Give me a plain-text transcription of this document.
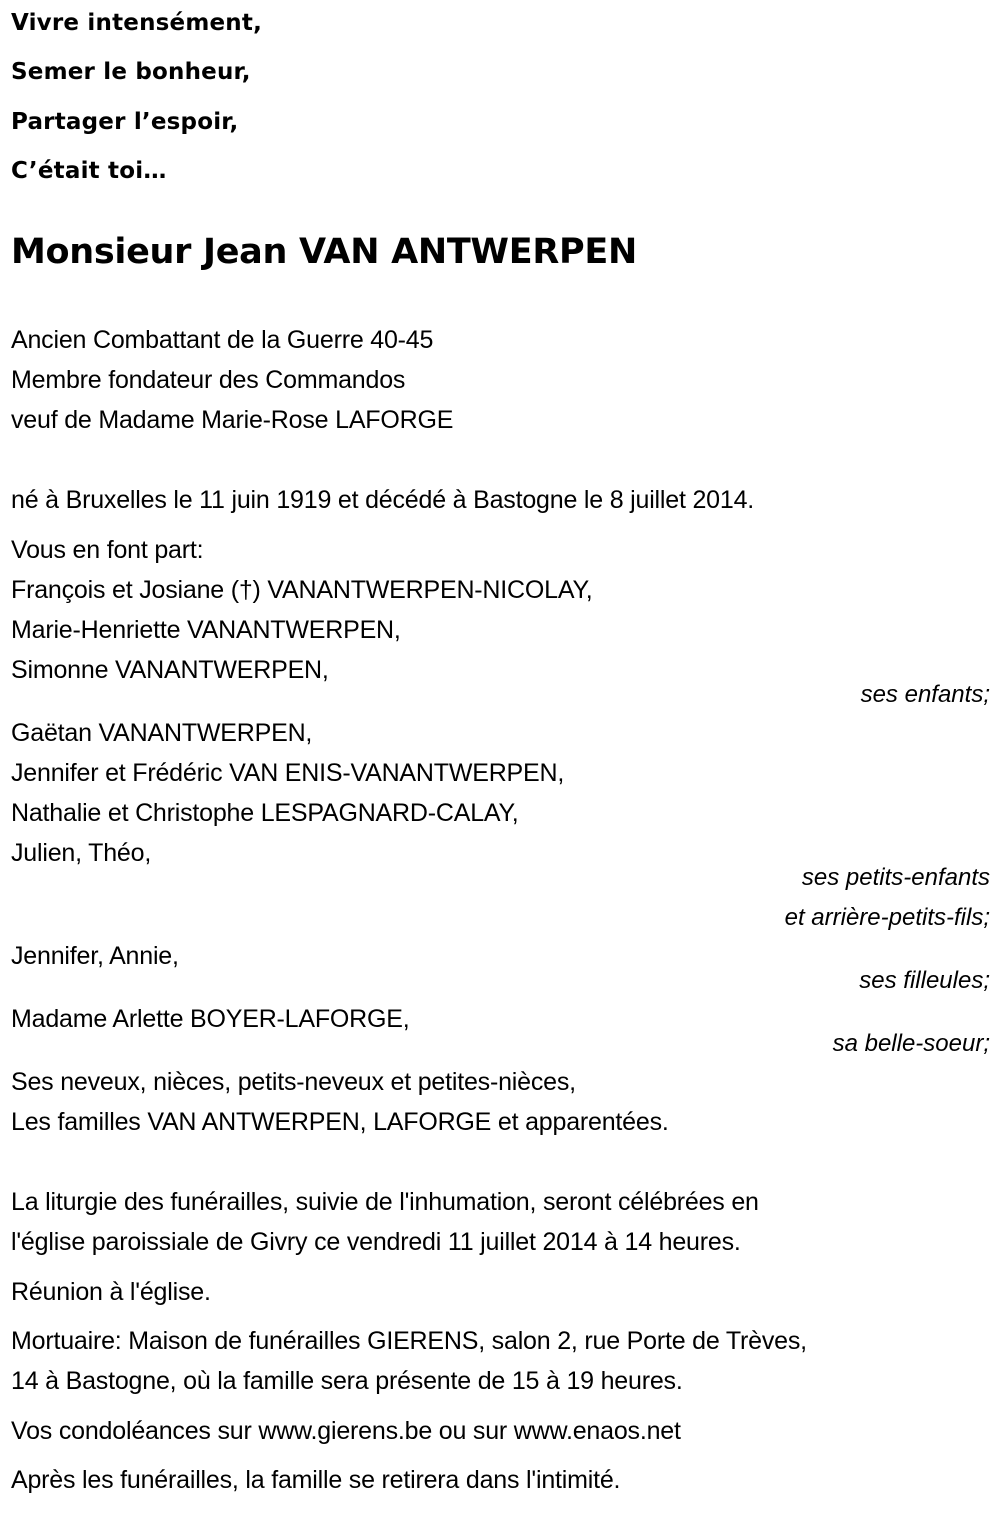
Vivre intensément,
Semer le bonheur,
Partager l’espoir,
C’était toi…
Monsieur Jean VAN ANTWERPEN
Ancien Combattant de la Guerre 40-45
Membre fondateur des Commandos
veuf de Madame Marie-Rose LAFORGE
né à Bruxelles le 11 juin 1919 et décédé à Bastogne le 8 juillet 2014.
Vous en font part:
François et Josiane (†) VANANTWERPEN-NICOLAY,
Marie-Henriette VANANTWERPEN,
Simonne VANANTWERPEN,
ses enfants;
Gaëtan VANANTWERPEN,
Jennifer et Frédéric VAN ENIS-VANANTWERPEN,
Nathalie et Christophe LESPAGNARD-CALAY,
Julien, Théo,
ses petits-enfants
et arrière-petits-fils;
Jennifer, Annie,
ses filleules;
Madame Arlette BOYER-LAFORGE,
sa belle-soeur;
Ses neveux, nièces, petits-neveux et petites-nièces,
Les familles VAN ANTWERPEN, LAFORGE et apparentées.
La liturgie des funérailles, suivie de l'inhumation, seront célébrées en
l'église paroissiale de Givry ce vendredi 11 juillet 2014 à 14 heures.
Réunion à l'église.
Mortuaire: Maison de funérailles GIERENS, salon 2, rue Porte de Trèves,
14 à Bastogne, où la famille sera présente de 15 à 19 heures.
Vos condoléances sur www.gierens.be ou sur www.enaos.net
Après les funérailles, la famille se retirera dans l'intimité.
